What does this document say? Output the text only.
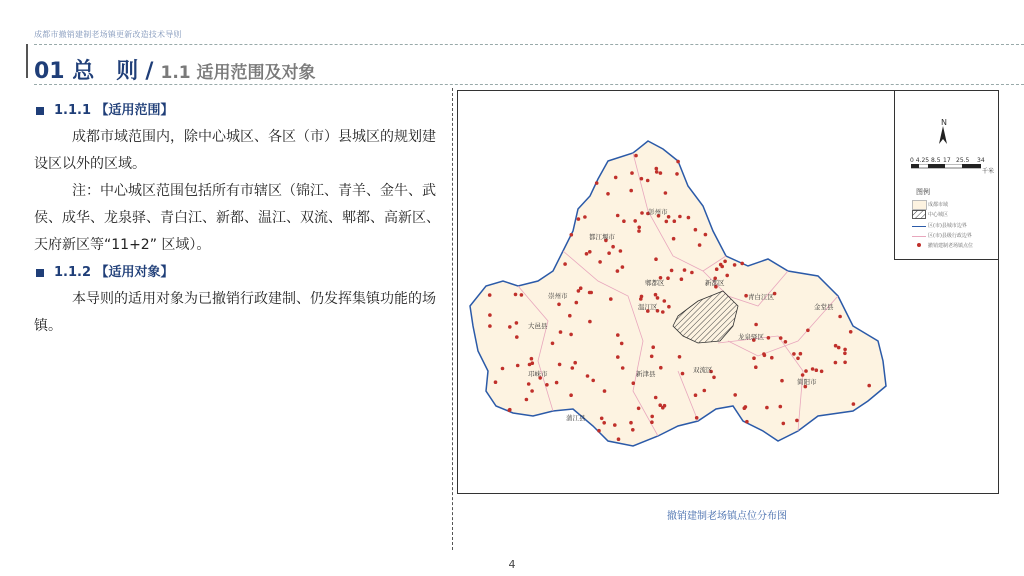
成都市撤销建制老场镇更新改造技术导则
01 总　则 / 1.1 适用范围及对象
1.1.1 【适用范围】
成都市域范围内，除中心城区、各区（市）县城区的规划建设区以外的区域。
注：中心城区范围包括所有市辖区（锦江、青羊、金牛、武侯、成华、龙泉驿、青白江、新都、温江、双流、郫都、高新区、天府新区等“11+2” 区域）。
1.1.2 【适用对象】
本导则的适用对象为已撤销行政建制、仍发挥集镇功能的场镇。
N
0 4.25 8.5 17 25.5 34
千米
图例
成都市域
中心城区
区(市)县城市边界
区(市)县级行政边界
撤销建制老场镇点位
彭州市
都江堰市
新都区
郫都区
青白江区
崇州市
温江区	金堂县
龙泉驿区
大邑县
双流区
邛崃市	新津县
简阳市
蒲江县
撤销建制老场镇点位分布图
4
